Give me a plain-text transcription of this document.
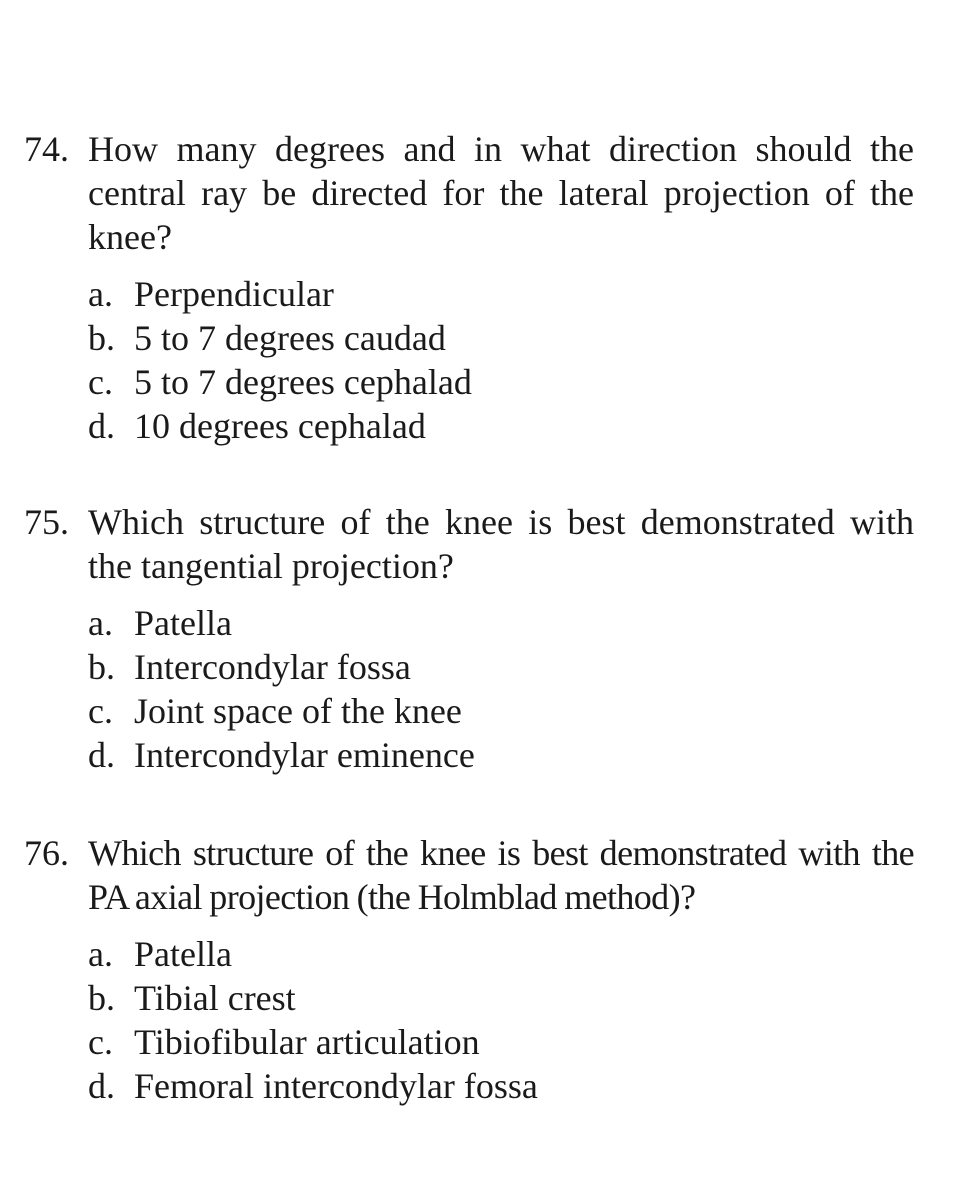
74. How many degrees and in what direction should the central ray be directed for the lateral projection of the knee?
a. Perpendicular
b. 5 to 7 degrees caudad
c. 5 to 7 degrees cephalad
d. 10 degrees cephalad
75. Which structure of the knee is best demonstrated with the tangential projection?
a. Patella
b. Intercondylar fossa
c. Joint space of the knee
d. Intercondylar eminence
76. Which structure of the knee is best demonstrated with the PA axial projection (the Holmblad method)?
a. Patella
b. Tibial crest
c. Tibiofibular articulation
d. Femoral intercondylar fossa
